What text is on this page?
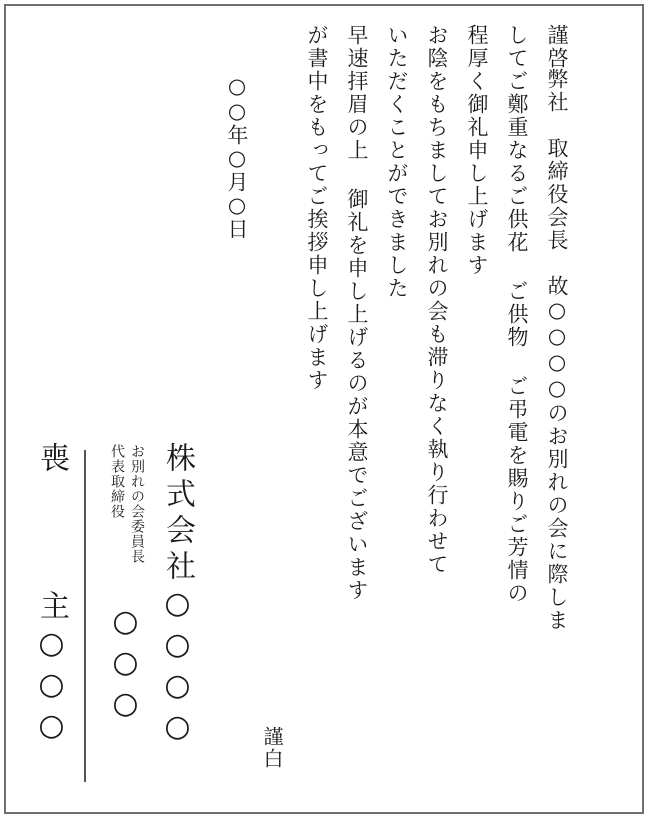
謹啓
弊社　取締役会長　故○○○○のお別れの会に際しま
してご鄭重なるご供花 ご供物 ご弔電を賜りご芳情の
程厚く御礼申し上げます
お陰をもちましてお別れの会も滞りなく執り行わせて
いただくことができました
早速拝眉の上 御礼を申し上げるのが本意でございます
が書中をもってご挨拶申し上げます
○○年○月○日
謹白
株式会社○○○○
お別れの会委員長
代表取締役
○○○
喪
主
○○○
